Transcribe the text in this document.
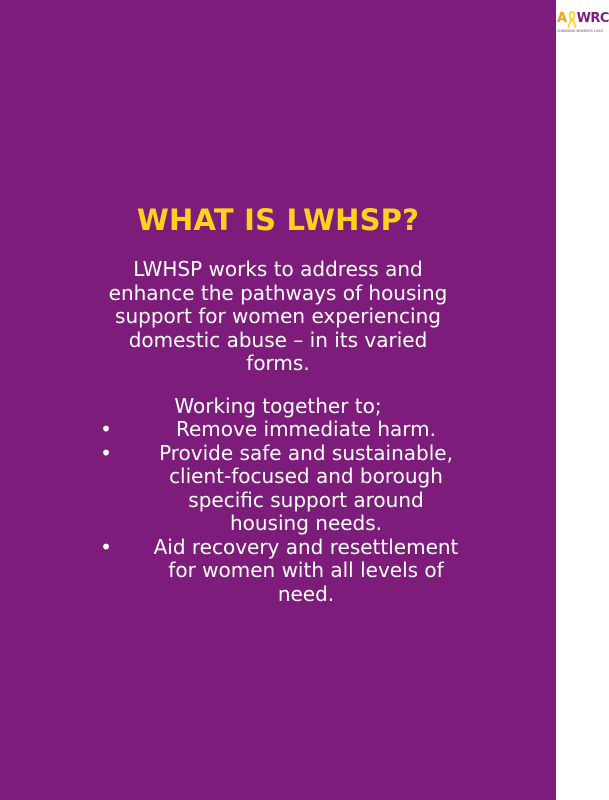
A WRC
CHANGING WOMEN'S LIVES
WHAT IS LWHSP?
LWHSP works to address and
enhance the pathways of housing
support for women experiencing
domestic abuse – in its varied
forms.
Working together to;
•	Remove immediate harm.
•	Provide safe and sustainable,
client-focused and borough
specific support around
housing needs.
•	Aid recovery and resettlement
for women with all levels of
need.
